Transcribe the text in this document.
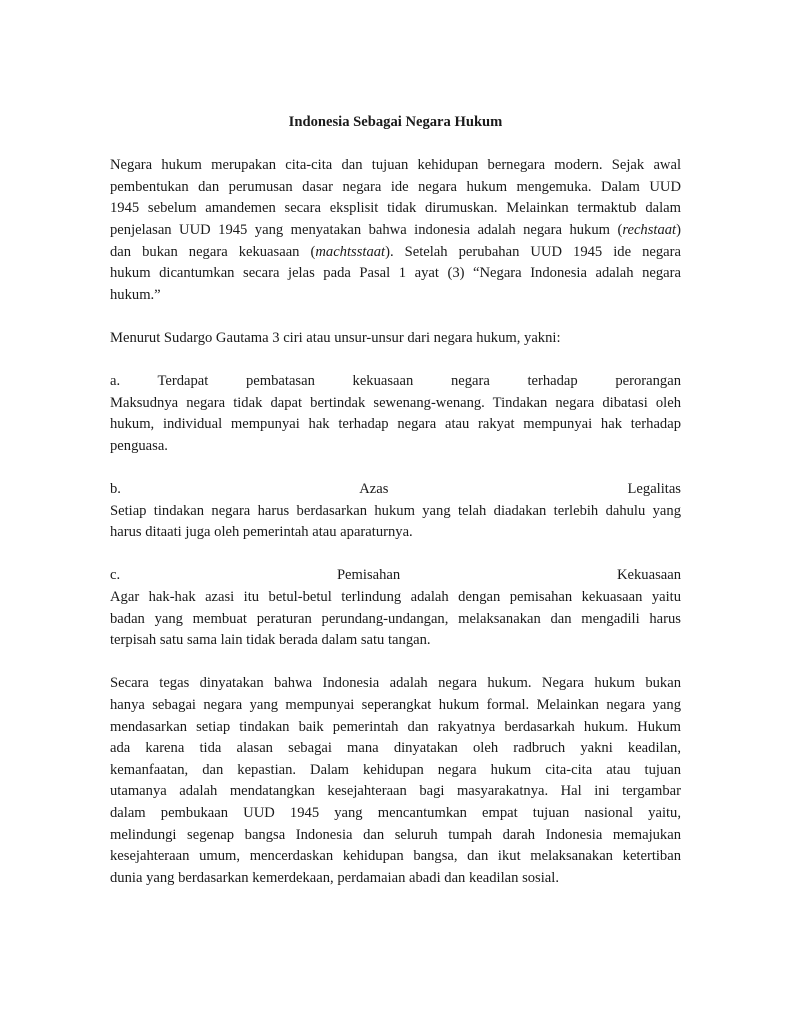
Indonesia Sebagai Negara Hukum
Negara hukum merupakan cita-cita dan tujuan kehidupan bernegara modern. Sejak awal
pembentukan dan perumusan dasar negara ide negara hukum mengemuka. Dalam UUD
1945 sebelum amandemen secara eksplisit tidak dirumuskan. Melainkan termaktub dalam
penjelasan UUD 1945 yang menyatakan bahwa indonesia adalah negara hukum (rechstaat)
dan bukan negara kekuasaan (machtsstaat). Setelah perubahan UUD 1945 ide negara
hukum dicantumkan secara jelas pada Pasal 1 ayat (3) “Negara Indonesia adalah negara
hukum.”
Menurut Sudargo Gautama 3 ciri atau unsur-unsur dari negara hukum, yakni:
a. Terdapat pembatasan kekuasaan negara terhadap perorangan
Maksudnya negara tidak dapat bertindak sewenang-wenang. Tindakan negara dibatasi oleh
hukum, individual mempunyai hak terhadap negara atau rakyat mempunyai hak terhadap
penguasa.
b. Azas Legalitas
Setiap tindakan negara harus berdasarkan hukum yang telah diadakan terlebih dahulu yang
harus ditaati juga oleh pemerintah atau aparaturnya.
c. Pemisahan Kekuasaan
Agar hak-hak azasi itu betul-betul terlindung adalah dengan pemisahan kekuasaan yaitu
badan yang membuat peraturan perundang-undangan, melaksanakan dan mengadili harus
terpisah satu sama lain tidak berada dalam satu tangan.
Secara tegas dinyatakan bahwa Indonesia adalah negara hukum. Negara hukum bukan
hanya sebagai negara yang mempunyai seperangkat hukum formal. Melainkan negara yang
mendasarkan setiap tindakan baik pemerintah dan rakyatnya berdasarkah hukum. Hukum
ada karena tida alasan sebagai mana dinyatakan oleh radbruch yakni keadilan,
kemanfaatan, dan kepastian. Dalam kehidupan negara hukum cita-cita atau tujuan
utamanya adalah mendatangkan kesejahteraan bagi masyarakatnya. Hal ini tergambar
dalam pembukaan UUD 1945 yang mencantumkan empat tujuan nasional yaitu,
melindungi segenap bangsa Indonesia dan seluruh tumpah darah Indonesia memajukan
kesejahteraan umum, mencerdaskan kehidupan bangsa, dan ikut melaksanakan ketertiban
dunia yang berdasarkan kemerdekaan, perdamaian abadi dan keadilan sosial.
